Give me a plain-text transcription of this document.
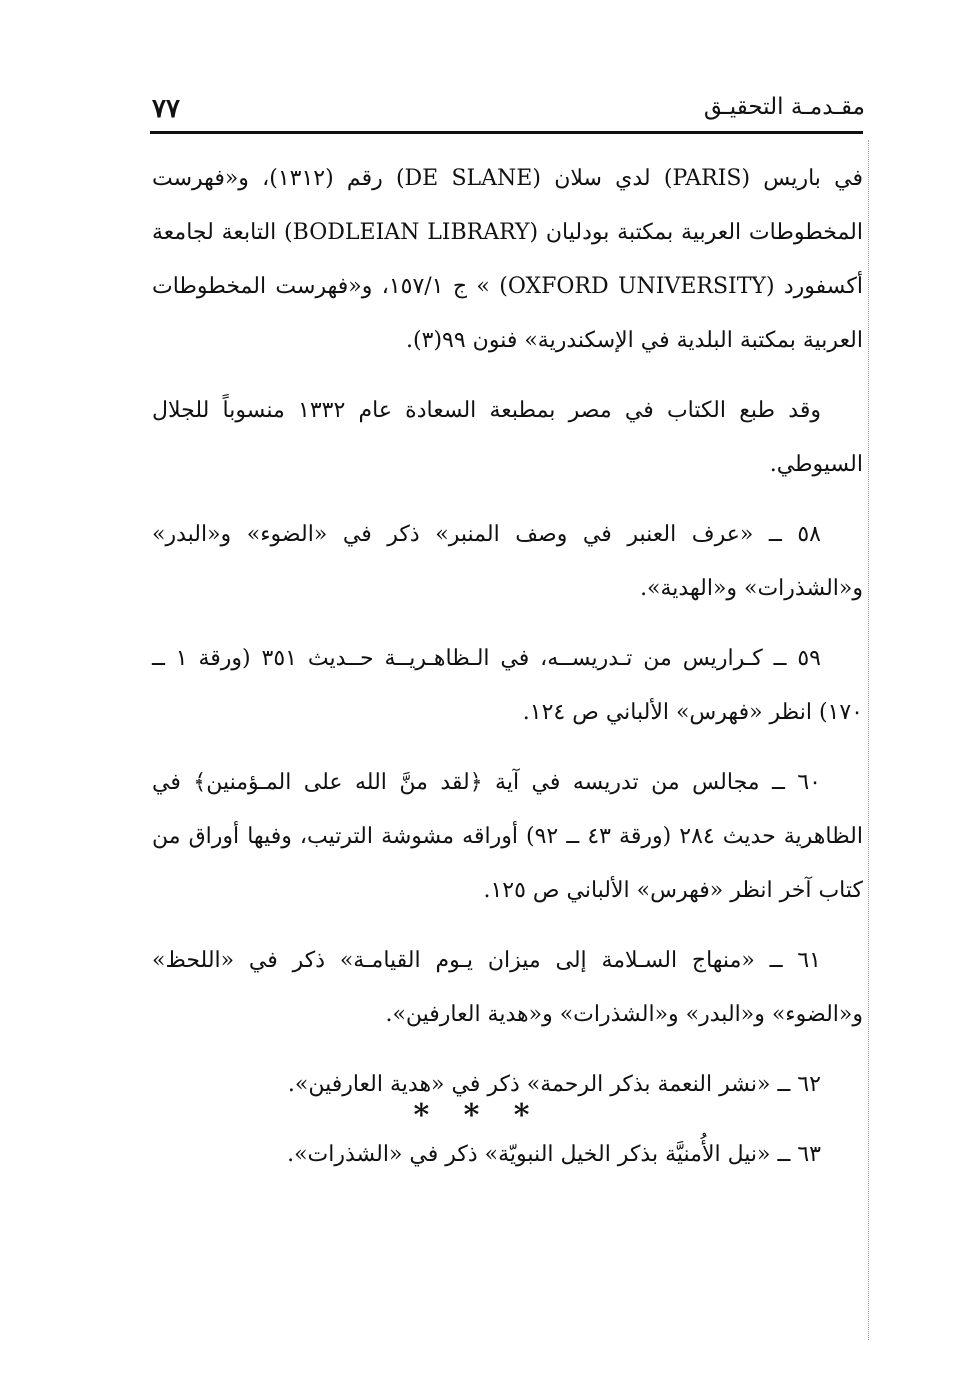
٧٧	مقـدمـة التحقيـق

في باريس (PARIS) لدي سلان (DE SLANE) رقم (١٣١٢)، و«فهرست المخطوطات العربية بمكتبة بودليان (BODLEIAN LIBRARY) التابعة لجامعة أكسفورد (OXFORD UNIVERSITY) » ج ١٥٧/١، و«فهرست المخطوطات العربية بمكتبة البلدية في الإسكندرية» فنون ٩٩(٣).

وقد طبع الكتاب في مصر بمطبعة السعادة عام ١٣٣٢ منسوباً للجلال السيوطي.

٥٨ ــ «عرف العنبر في وصف المنبر» ذكر في «الضوء» و«البدر» و«الشذرات» و«الهدية».

٥٩ ــ كـراريس من تـدريســه، في الـظاهـريــة حــديث ٣٥١ (ورقة ١ ــ ١٧٠) انظر «فهرس» الألباني ص ١٢٤.

٦٠ ــ مجالس من تدريسه في آية ﴿لقد منَّ الله على المـؤمنين﴾ في الظاهرية حديث ٢٨٤ (ورقة ٤٣ ــ ٩٢) أوراقه مشوشة الترتيب، وفيها أوراق من كتاب آخر انظر «فهرس» الألباني ص ١٢٥.

٦١ ــ «منهاج السـلامة إلى ميزان يـوم القيامـة» ذكر في «اللحظ» و«الضوء» و«البدر» و«الشذرات» و«هدية العارفين».

٦٢ ــ «نشر النعمة بذكر الرحمة» ذكر في «هدية العارفين».

٦٣ ــ «نيل الأُمنيَّة بذكر الخيل النبويّة» ذكر في «الشذرات».

* * *
